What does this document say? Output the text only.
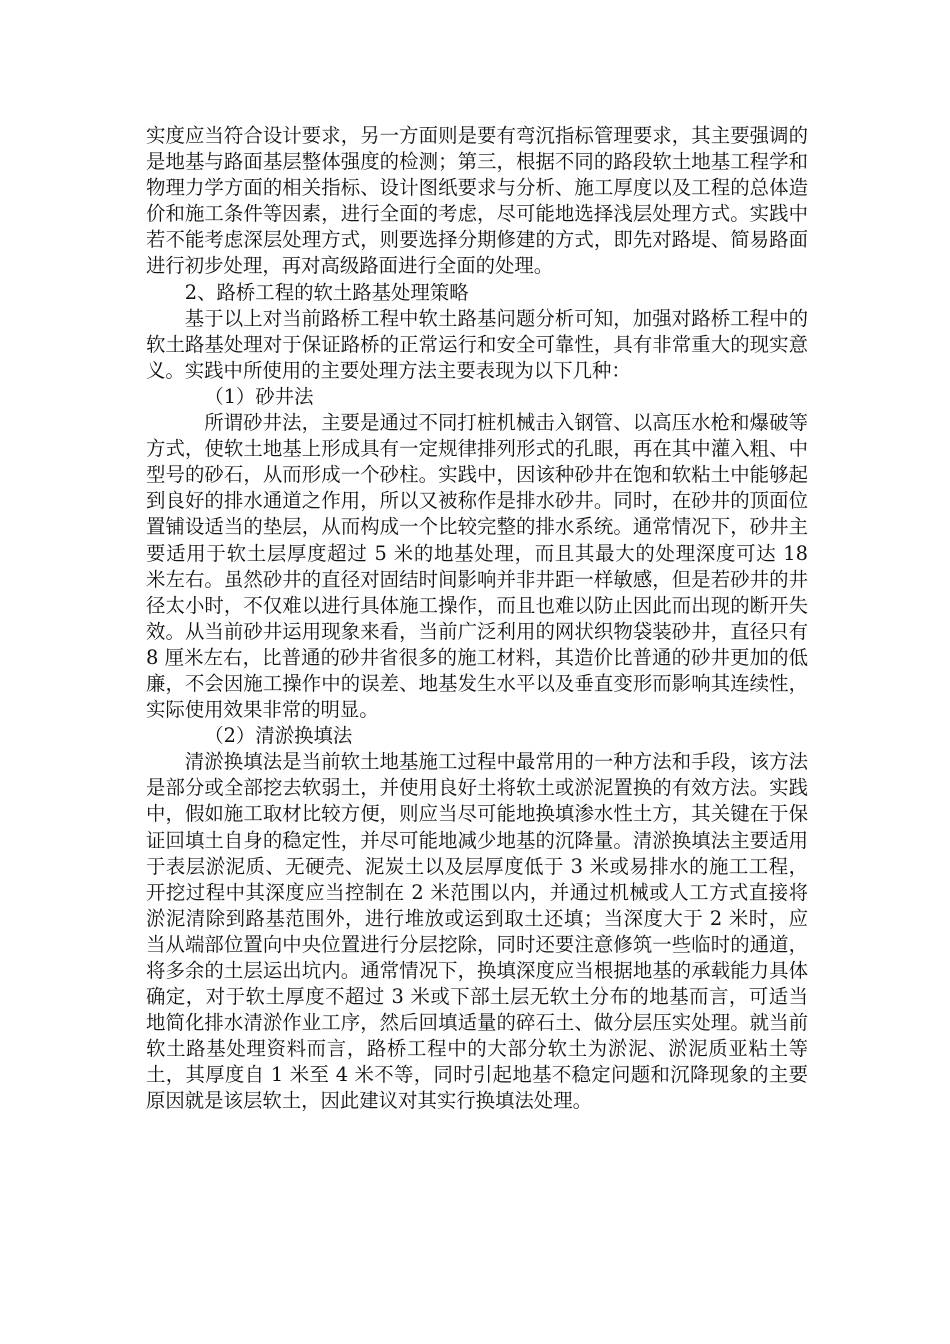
实度应当符合设计要求，另一方面则是要有弯沉指标管理要求，其主要强调的是地基与路面基层整体强度的检测；第三，根据不同的路段软土地基工程学和物理力学方面的相关指标、设计图纸要求与分析、施工厚度以及工程的总体造价和施工条件等因素，进行全面的考虑，尽可能地选择浅层处理方式。实践中若不能考虑深层处理方式，则要选择分期修建的方式，即先对路堤、简易路面进行初步处理，再对高级路面进行全面的处理。

2、路桥工程的软土路基处理策略

基于以上对当前路桥工程中软土路基问题分析可知，加强对路桥工程中的软土路基处理对于保证路桥的正常运行和安全可靠性，具有非常重大的现实意义。实践中所使用的主要处理方法主要表现为以下几种：

（1）砂井法

所谓砂井法，主要是通过不同打桩机械击入钢管、以高压水枪和爆破等方式，使软土地基上形成具有一定规律排列形式的孔眼，再在其中灌入粗、中型号的砂石，从而形成一个砂柱。实践中，因该种砂井在饱和软粘土中能够起到良好的排水通道之作用，所以又被称作是排水砂井。同时，在砂井的顶面位置铺设适当的垫层，从而构成一个比较完整的排水系统。通常情况下，砂井主要适用于软土层厚度超过 5 米的地基处理，而且其最大的处理深度可达 18 米左右。虽然砂井的直径对固结时间影响并非井距一样敏感，但是若砂井的井径太小时，不仅难以进行具体施工操作，而且也难以防止因此而出现的断开失效。从当前砂井运用现象来看，当前广泛利用的网状织物袋装砂井，直径只有 8 厘米左右，比普通的砂井省很多的施工材料，其造价比普通的砂井更加的低廉，不会因施工操作中的误差、地基发生水平以及垂直变形而影响其连续性，实际使用效果非常的明显。

（2）清淤换填法

清淤换填法是当前软土地基施工过程中最常用的一种方法和手段，该方法是部分或全部挖去软弱土，并使用良好土将软土或淤泥置换的有效方法。实践中，假如施工取材比较方便，则应当尽可能地换填渗水性土方，其关键在于保证回填土自身的稳定性，并尽可能地减少地基的沉降量。清淤换填法主要适用于表层淤泥质、无硬壳、泥炭土以及层厚度低于 3 米或易排水的施工工程，开挖过程中其深度应当控制在 2 米范围以内，并通过机械或人工方式直接将淤泥清除到路基范围外，进行堆放或运到取土还填；当深度大于 2 米时，应当从端部位置向中央位置进行分层挖除，同时还要注意修筑一些临时的通道，将多余的土层运出坑内。通常情况下，换填深度应当根据地基的承载能力具体确定，对于软土厚度不超过 3 米或下部土层无软土分布的地基而言，可适当地简化排水清淤作业工序，然后回填适量的碎石土、做分层压实处理。就当前软土路基处理资料而言，路桥工程中的大部分软土为淤泥、淤泥质亚粘土等土，其厚度自 1 米至 4 米不等，同时引起地基不稳定问题和沉降现象的主要原因就是该层软土，因此建议对其实行换填法处理。
